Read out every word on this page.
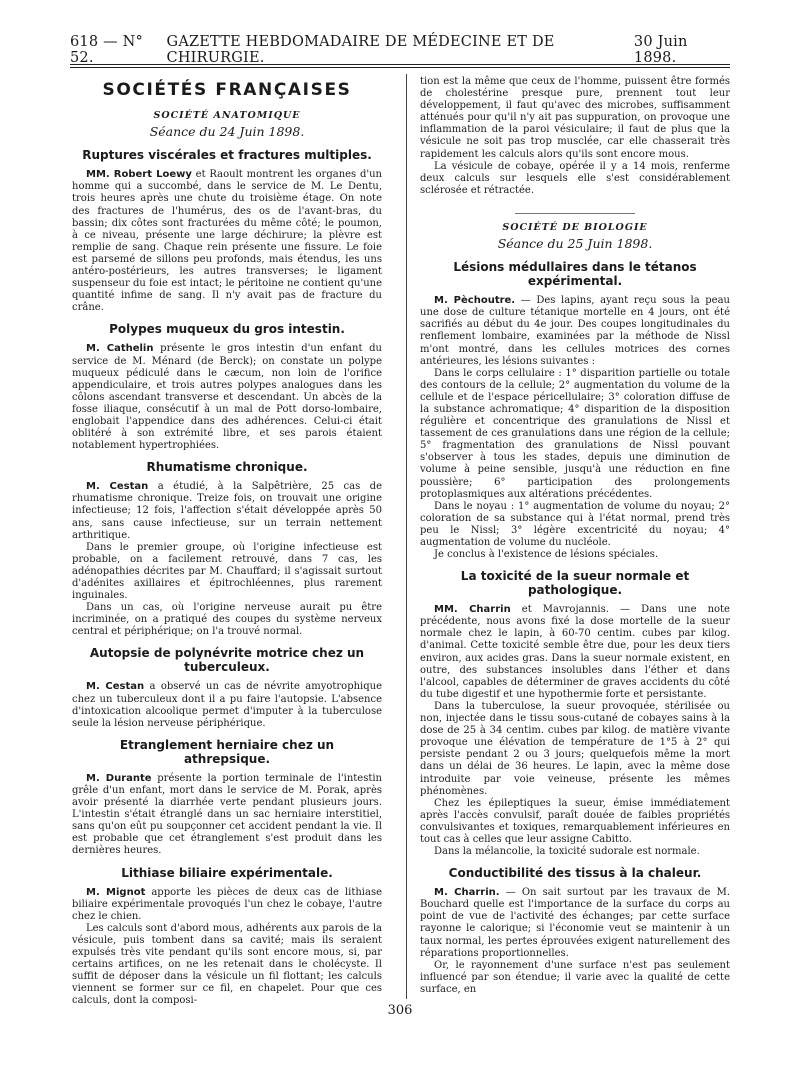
618 — N° 52.
GAZETTE HEBDOMADAIRE DE MÉDECINE ET DE CHIRURGIE.
30 Juin 1898.
SOCIÉTÉS FRANÇAISES
SOCIÉTÉ ANATOMIQUE
Séance du 24 Juin 1898.
Ruptures viscérales et fractures multiples.

MM. Robert Loewy et Raoult montrent les organes d'un homme qui a succombé, dans le service de M. Le Dentu, trois heures après une chute du troisième étage. On note des fractures de l'humérus, des os de l'avant-bras, du bassin; dix côtes sont fracturées du même côté; le poumon, à ce niveau, présente une large déchirure; la plèvre est remplie de sang. Chaque rein présente une fissure. Le foie est parsemé de sillons peu profonds, mais étendus, les uns antéro-postérieurs, les autres transverses; le ligament suspenseur du foie est intact; le péritoine ne contient qu'une quantité infime de sang. Il n'y avait pas de fracture du crâne.

Polypes muqueux du gros intestin.

M. Cathelin présente le gros intestin d'un enfant du service de M. Ménard (de Berck); on constate un polype muqueux pédiculé dans le cæcum, non loin de l'orifice appendiculaire, et trois autres polypes analogues dans les côlons ascendant transverse et descendant. Un abcès de la fosse iliaque, consécutif à un mal de Pott dorso-lombaire, englobait l'appendice dans des adhérences. Celui-ci était oblitéré à son extrémité libre, et ses parois étaient notablement hypertrophiées.

Rhumatisme chronique.

M. Cestan a étudié, à la Salpêtrière, 25 cas de rhumatisme chronique. Treize fois, on trouvait une origine infectieuse; 12 fois, l'affection s'était développée après 50 ans, sans cause infectieuse, sur un terrain nettement arthritique.

Dans le premier groupe, où l'origine infectieuse est probable, on a facilement retrouvé, dans 7 cas, les adénopathies décrites par M. Chauffard; il s'agissait surtout d'adénites axillaires et épitrochléennes, plus rarement inguinales.

Dans un cas, où l'origine nerveuse aurait pu être incriminée, on a pratiqué des coupes du système nerveux central et périphérique; on l'a trouvé normal.

Autopsie de polynévrite motrice chez un tuberculeux.

M. Cestan a observé un cas de névrite amyotrophique chez un tuberculeux dont il a pu faire l'autopsie. L'absence d'intoxication alcoolique permet d'imputer à la tuberculose seule la lésion nerveuse périphérique.

Etranglement herniaire chez un athrepsique.

M. Durante présente la portion terminale de l'intestin grêle d'un enfant, mort dans le service de M. Porak, après avoir présenté la diarrhée verte pendant plusieurs jours. L'intestin s'était étranglé dans un sac herniaire interstitiel, sans qu'on eût pu soupçonner cet accident pendant la vie. Il est probable que cet étranglement s'est produit dans les dernières heures.

Lithiase biliaire expérimentale.

M. Mignot apporte les pièces de deux cas de lithiase biliaire expérimentale provoqués l'un chez le cobaye, l'autre chez le chien.

Les calculs sont d'abord mous, adhérents aux parois de la vésicule, puis tombent dans sa cavité; mais ils seraient expulsés très vite pendant qu'ils sont encore mous, si, par certains artifices, on ne les retenait dans le cholécyste. Il suffit de déposer dans la vésicule un fil flottant; les calculs viennent se former sur ce fil, en chapelet. Pour que ces calculs, dont la composi-

tion est la même que ceux de l'homme, puissent être formés de cholestérine presque pure, prennent tout leur développement, il faut qu'avec des microbes, suffisamment atténués pour qu'il n'y ait pas suppuration, on provoque une inflammation de la paroi vésiculaire; il faut de plus que la vésicule ne soit pas trop musclée, car elle chasserait très rapidement les calculs alors qu'ils sont encore mous.

La vésicule de cobaye, opérée il y a 14 mois, renferme deux calculs sur lesquels elle s'est considérablement sclérosée et rétractée.

SOCIÉTÉ DE BIOLOGIE
Séance du 25 Juin 1898.
Lésions médullaires dans le tétanos expérimental.

M. Pèchoutre. — Des lapins, ayant reçu sous la peau une dose de culture tétanique mortelle en 4 jours, ont été sacrifiés au début du 4e jour. Des coupes longitudinales du renflement lombaire, examinées par la méthode de Nissl m'ont montré, dans les cellules motrices des cornes antérieures, les lésions suivantes :

Dans le corps cellulaire : 1° disparition partielle ou totale des contours de la cellule; 2° augmentation du volume de la cellule et de l'espace péricellulaire; 3° coloration diffuse de la substance achromatique; 4° disparition de la disposition régulière et concentrique des granulations de Nissl et tassement de ces granulations dans une région de la cellule; 5° fragmentation des granulations de Nissl pouvant s'observer à tous les stades, depuis une diminution de volume à peine sensible, jusqu'à une réduction en fine poussière; 6° participation des prolongements protoplasmiques aux altérations précédentes.

Dans le noyau : 1° augmentation de volume du noyau; 2° coloration de sa substance qui à l'état normal, prend très peu le Nissl; 3° légère excentricité du noyau; 4° augmentation de volume du nucléole.

Je conclus à l'existence de lésions spéciales.

La toxicité de la sueur normale et pathologique.

MM. Charrin et Mavrojannis. — Dans une note précédente, nous avons fixé la dose mortelle de la sueur normale chez le lapin, à 60-70 centim. cubes par kilog. d'animal. Cette toxicité semble être due, pour les deux tiers environ, aux acides gras. Dans la sueur normale existent, en outre, des substances insolubles dans l'éther et dans l'alcool, capables de déterminer de graves accidents du côté du tube digestif et une hypothermie forte et persistante.

Dans la tuberculose, la sueur provoquée, stérilisée ou non, injectée dans le tissu sous-cutané de cobayes sains à la dose de 25 à 34 centim. cubes par kilog. de matière vivante provoque une élévation de température de 1°5 à 2° qui persiste pendant 2 ou 3 jours; quelquefois même la mort dans un délai de 36 heures. Le lapin, avec la même dose introduite par voie veineuse, présente les mêmes phénomènes.

Chez les épileptiques la sueur, émise immédiatement après l'accès convulsif, paraît douée de faibles propriétés convulsivantes et toxiques, remarquablement inférieures en tout cas à celles que leur assigne Cabitto.

Dans la mélancolie, la toxicité sudorale est normale.

Conductibilité des tissus à la chaleur.

M. Charrin. — On sait surtout par les travaux de M. Bouchard quelle est l'importance de la surface du corps au point de vue de l'activité des échanges; par cette surface rayonne le calorique; si l'économie veut se maintenir à un taux normal, les pertes éprouvées exigent naturellement des réparations proportionnelles.

Or, le rayonnement d'une surface n'est pas seulement influencé par son étendue; il varie avec la qualité de cette surface, en

306
